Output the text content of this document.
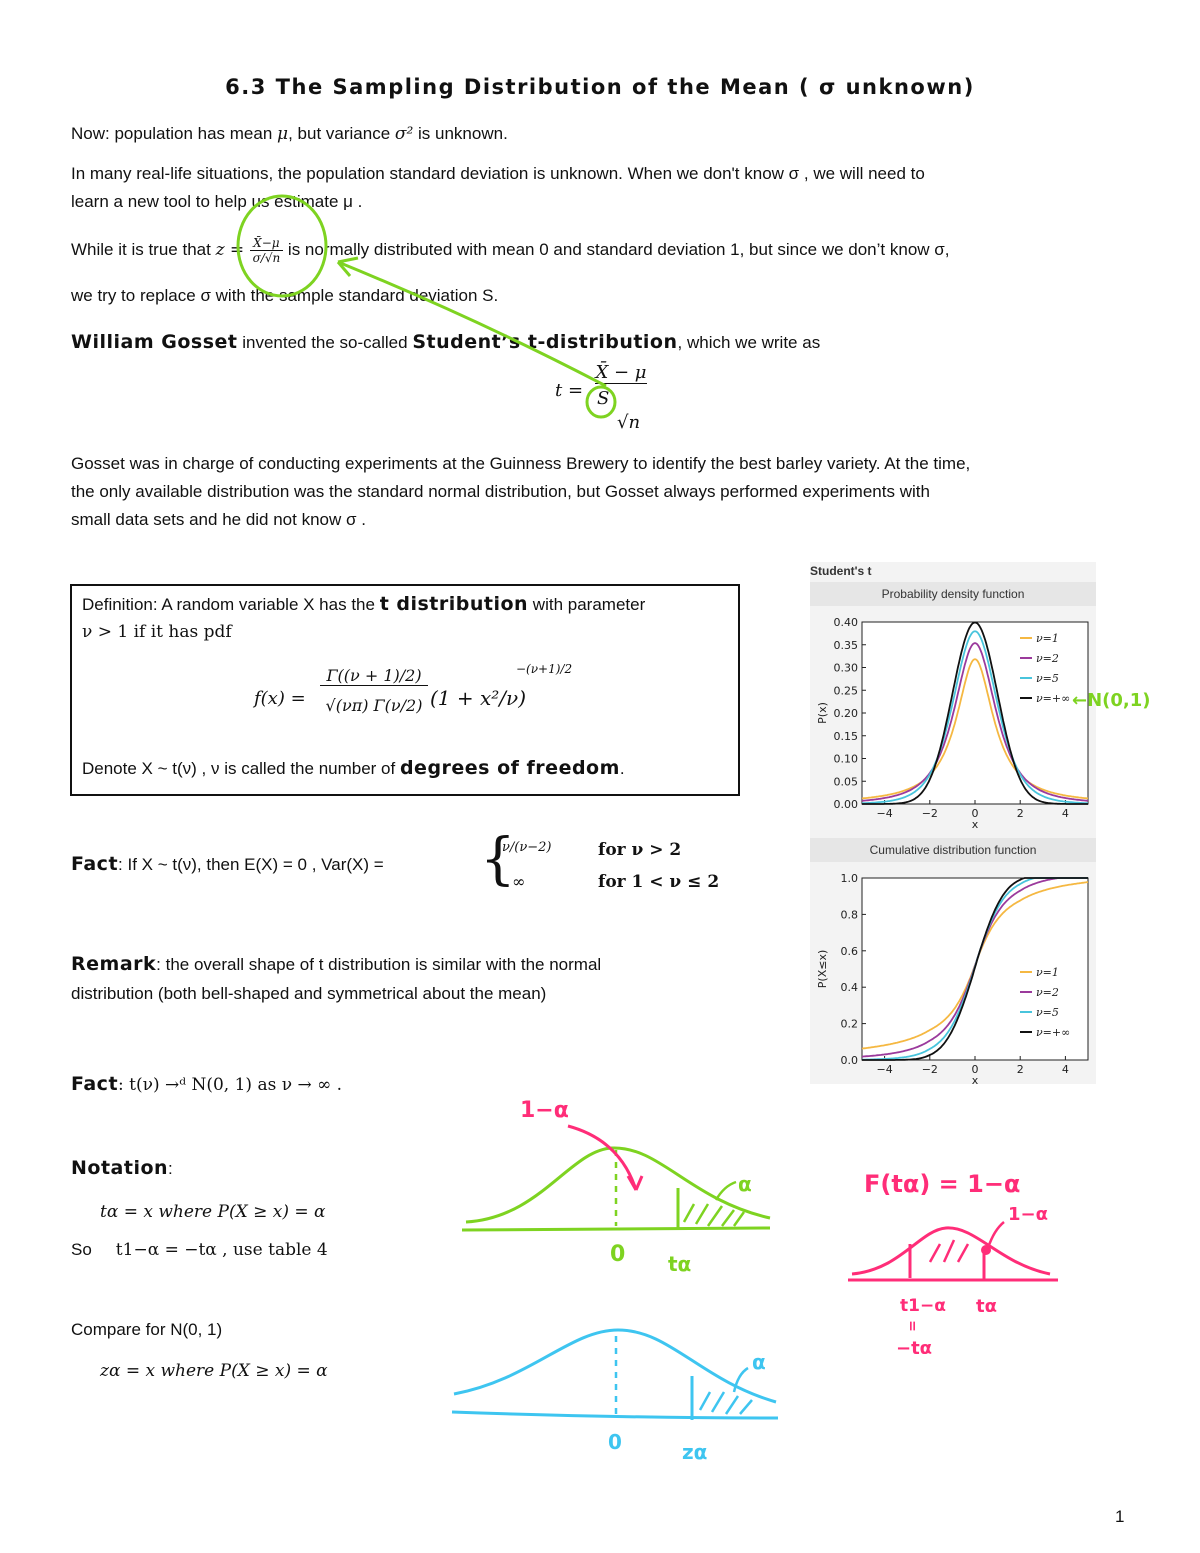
6.3 The Sampling Distribution of the Mean ( σ unknown)
Now: population has mean μ, but variance σ² is unknown.
In many real-life situations, the population standard deviation is unknown. When we don't know σ , we will need to
learn a new tool to help us estimate μ .
While it is true that $z = \frac{X̄-\mu}{\sigma/√n}$ is normally distributed with mean 0 and standard deviation 1, but since we don’t know σ,
we try to replace σ with the sample standard deviation S.
William Gosset invented the so-called Student’s t-distribution, which we write as
t =
X̄ − μ
S
√n
Gosset was in charge of conducting experiments at the Guinness Brewery to identify the best barley variety. At the time,
the only available distribution was the standard normal distribution, but Gosset always performed experiments with
small data sets and he did not know σ .
Definition: A random variable X has the t distribution with parameter
ν > 1 if it has pdf
f(x) =
Γ((ν + 1)/2)
√(νπ) Γ(ν/2) (1 + x²/ν)
−(ν+1)/2
Denote X ~ t(ν) , ν is called the number of degrees of freedom.
Fact: If X ~ t(ν), then E(X) = 0 , Var(X) = {
ν/(ν−2)	for ν > 2
∞	for 1 < ν ≤ 2
Remark: the overall shape of t distribution is similar with the normal
distribution (both bell-shaped and symmetrical about the mean)
Fact: t(ν) →ᵈ N(0, 1) as ν → ∞ .
Notation:
tα = x where P(X ≥ x) = α
So t1−α = −tα , use table 4
Compare for N(0, 1)
zα = x where P(X ≥ x) = α
1
Student's t
Probability density function
Cumulative distribution function
0.00
0.05
0.10
0.15
0.20
0.25
0.30
0.35
0.40
−4	−2	0	2	4
x
P(x)
ν=1
ν=2
ν=5
ν=+∞
0.0
0.2
0.4
0.6
0.8
1.0
−4	−2	0	2	4
x
P(X≤x)	ν=1
ν=2
ν=5
ν=+∞
←N(0,1)
1−α
α
0 tα
F(tα) = 1−α
1−α
t1−α
=
−tα
tα
α
0	zα
